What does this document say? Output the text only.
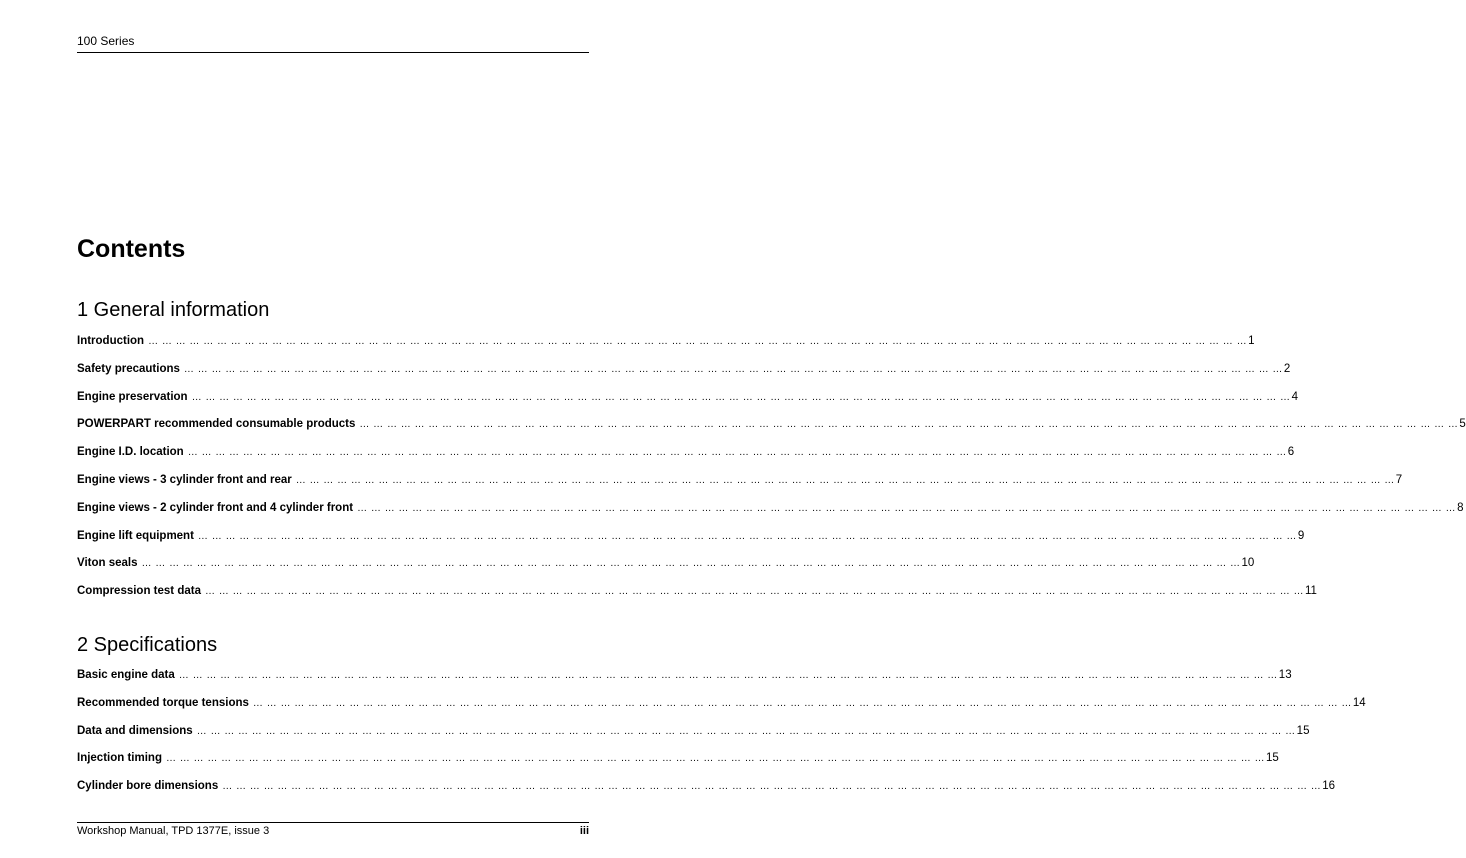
100 Series
Contents
1 General information
Introduction … … … … … … … … … … … … … … … … … … … … … … … … … … … … … … … … … … … … … … … … … … … … … … … … … … … … … … … … … … … … … … … … … … … … … … … … … … … … … … … … 1
Safety precautions … … … … … … … … … … … … … … … … … … … … … … … … … … … … … … … … … … … … … … … … … … … … … … … … … … … … … … … … … … … … … … … … … … … … … … … … … … … … … … … … 2
Engine preservation … … … … … … … … … … … … … … … … … … … … … … … … … … … … … … … … … … … … … … … … … … … … … … … … … … … … … … … … … … … … … … … … … … … … … … … … … … … … … … … … 4
POWERPART recommended consumable products … … … … … … … … … … … … … … … … … … … … … … … … … … … … … … … … … … … … … … … … … … … … … … … … … … … … … … … … … … … … … … … … … … … … … … … … … … … … … … … … 5
Engine I.D. location … … … … … … … … … … … … … … … … … … … … … … … … … … … … … … … … … … … … … … … … … … … … … … … … … … … … … … … … … … … … … … … … … … … … … … … … … … … … … … … … 6
Engine views - 3 cylinder front and rear … … … … … … … … … … … … … … … … … … … … … … … … … … … … … … … … … … … … … … … … … … … … … … … … … … … … … … … … … … … … … … … … … … … … … … … … … … … … … … … … 7
Engine views - 2 cylinder front and 4 cylinder front … … … … … … … … … … … … … … … … … … … … … … … … … … … … … … … … … … … … … … … … … … … … … … … … … … … … … … … … … … … … … … … … … … … … … … … … … … … … … … … … 8
Engine lift equipment … … … … … … … … … … … … … … … … … … … … … … … … … … … … … … … … … … … … … … … … … … … … … … … … … … … … … … … … … … … … … … … … … … … … … … … … … … … … … … … … 9
Viton seals … … … … … … … … … … … … … … … … … … … … … … … … … … … … … … … … … … … … … … … … … … … … … … … … … … … … … … … … … … … … … … … … … … … … … … … … … … … … … … … … 10
Compression test data … … … … … … … … … … … … … … … … … … … … … … … … … … … … … … … … … … … … … … … … … … … … … … … … … … … … … … … … … … … … … … … … … … … … … … … … … … … … … … … … 11
2 Specifications
Basic engine data … … … … … … … … … … … … … … … … … … … … … … … … … … … … … … … … … … … … … … … … … … … … … … … … … … … … … … … … … … … … … … … … … … … … … … … … … … … … … … … … 13
Recommended torque tensions … … … … … … … … … … … … … … … … … … … … … … … … … … … … … … … … … … … … … … … … … … … … … … … … … … … … … … … … … … … … … … … … … … … … … … … … … … … … … … … … 14
Data and dimensions … … … … … … … … … … … … … … … … … … … … … … … … … … … … … … … … … … … … … … … … … … … … … … … … … … … … … … … … … … … … … … … … … … … … … … … … … … … … … … … … 15
Injection timing … … … … … … … … … … … … … … … … … … … … … … … … … … … … … … … … … … … … … … … … … … … … … … … … … … … … … … … … … … … … … … … … … … … … … … … … … … … … … … … … 15
Cylinder bore dimensions … … … … … … … … … … … … … … … … … … … … … … … … … … … … … … … … … … … … … … … … … … … … … … … … … … … … … … … … … … … … … … … … … … … … … … … … … … … … … … … … 16
Workshop Manual, TPD 1377E, issue 3	iii
